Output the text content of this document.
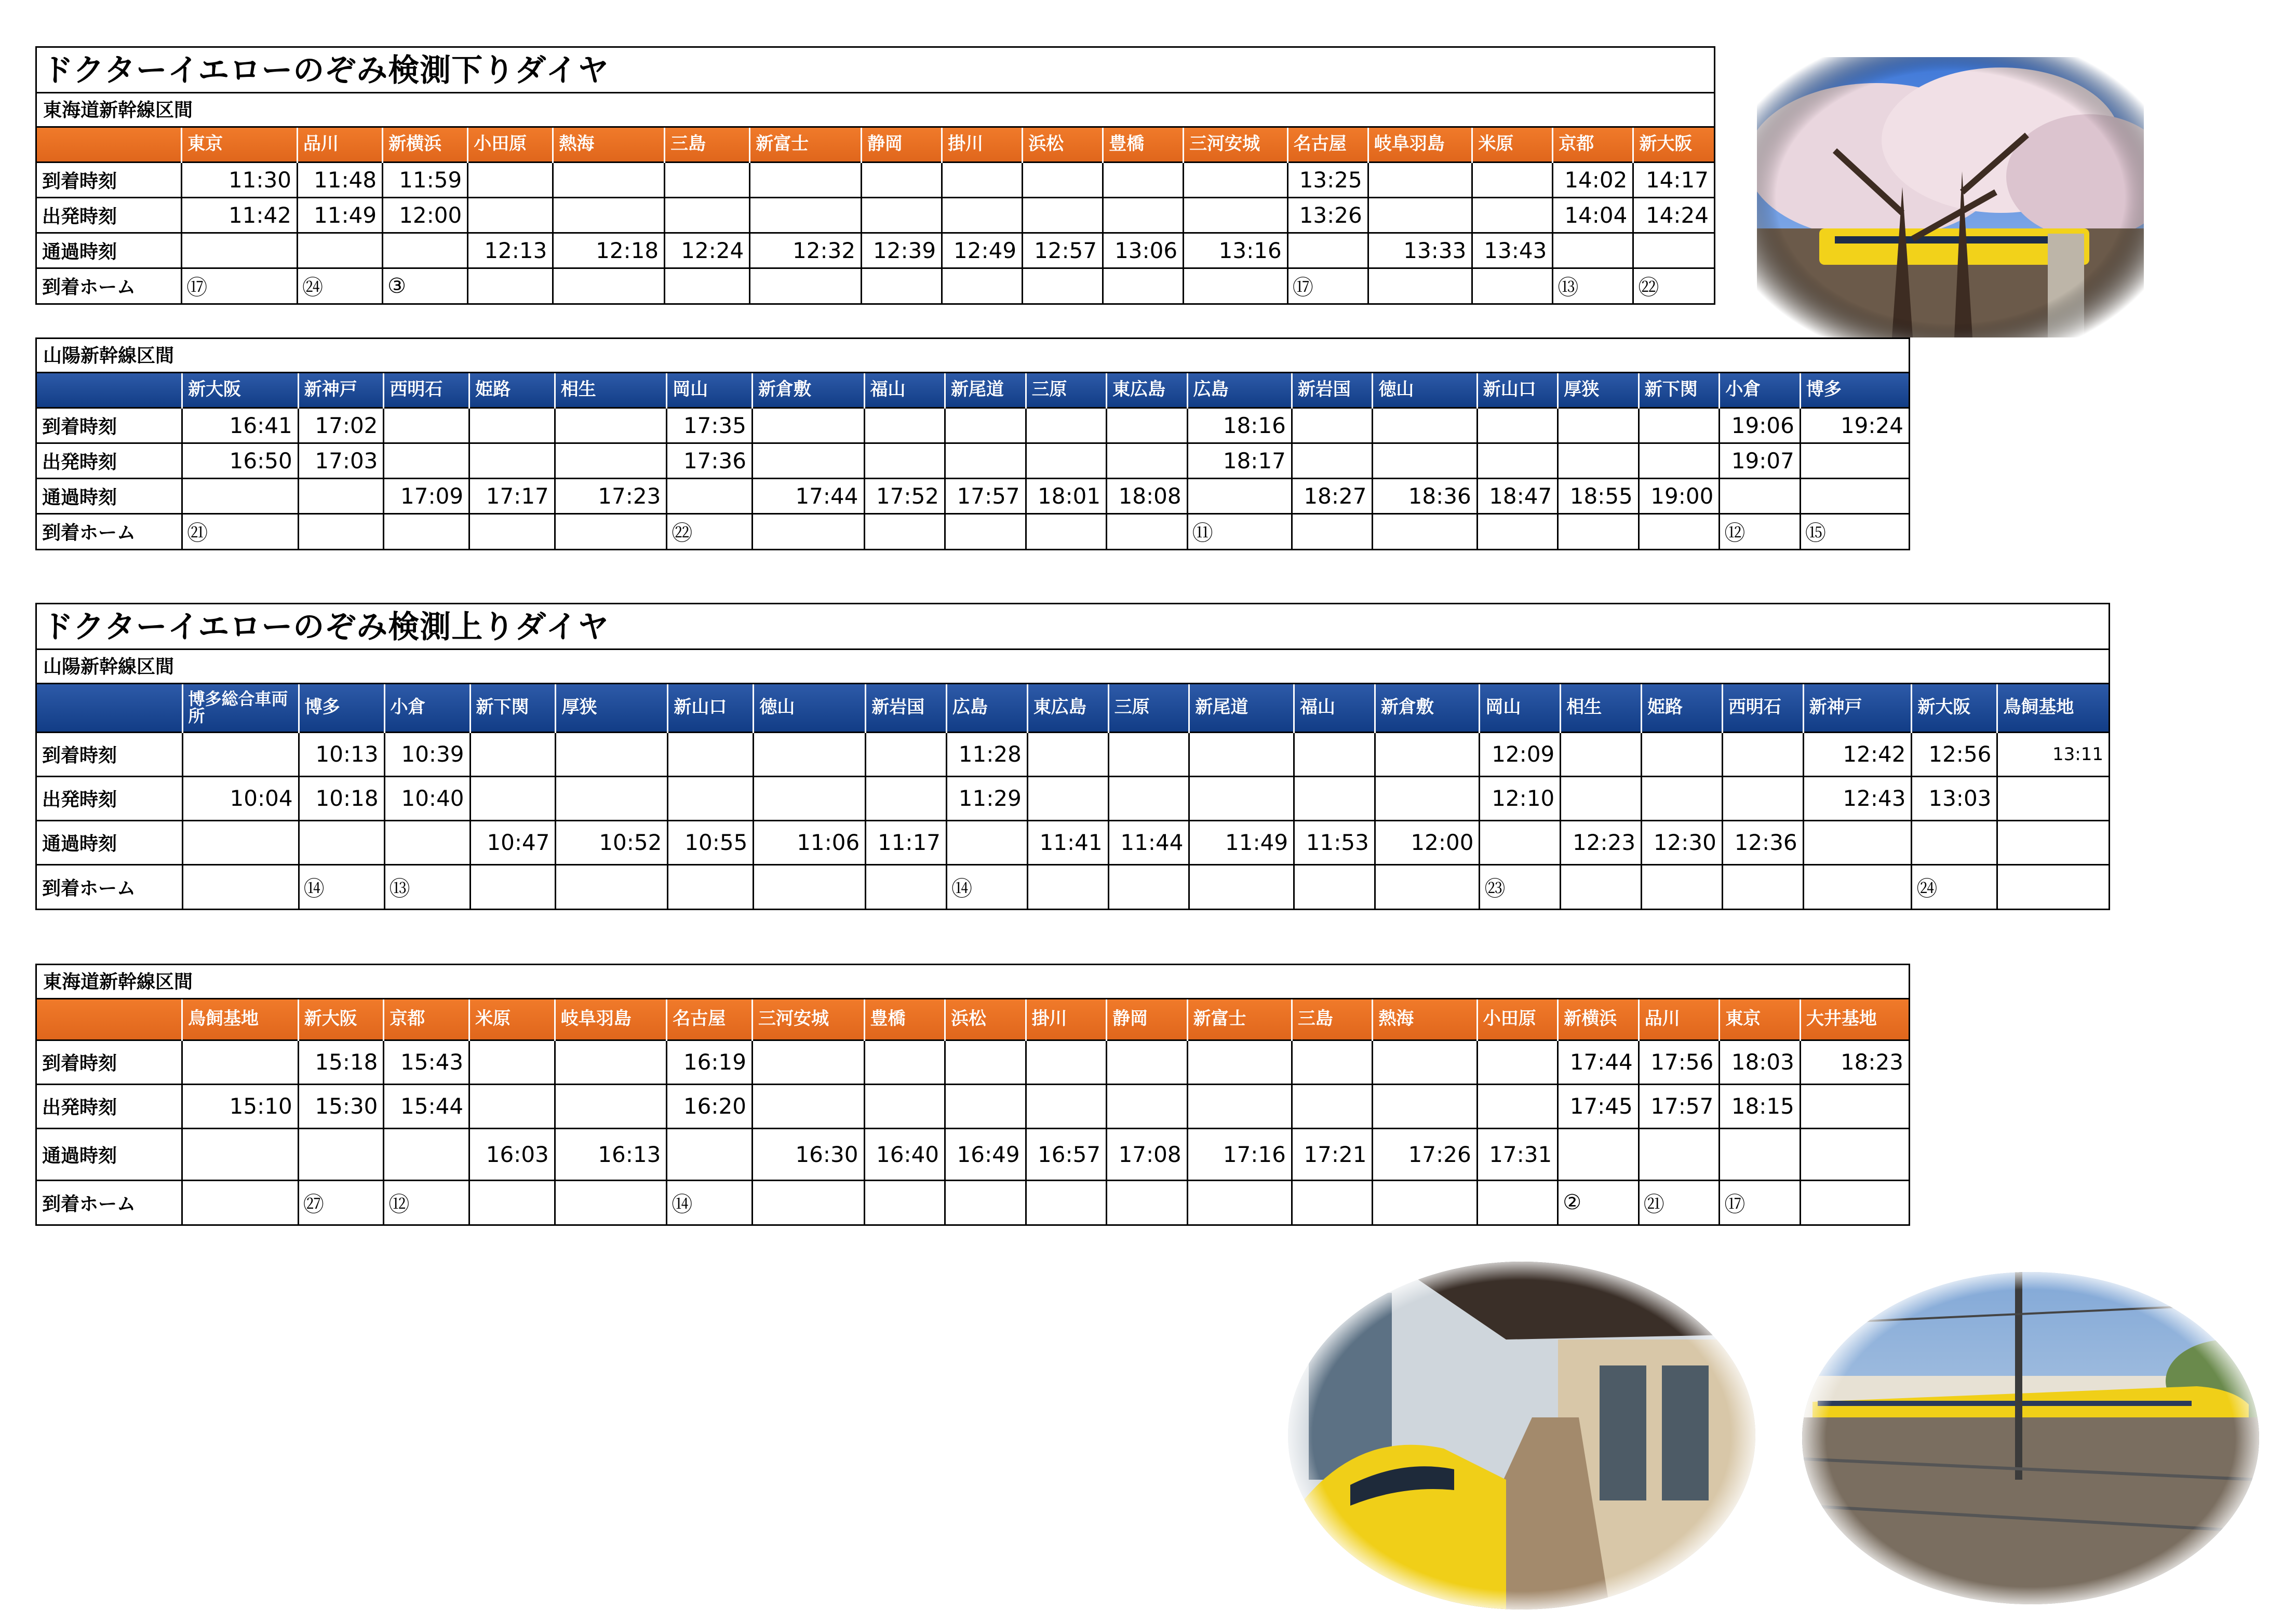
ドクターイエローのぞみ検測下りダイヤ
東海道新幹線区間
	東京	品川	新横浜	小田原	熱海	三島	新富士	静岡	掛川	浜松	豊橋	三河安城	名古屋	岐阜羽島	米原	京都	新大阪
到着時刻	11:30	11:48	11:59										13:25			14:02	14:17
出発時刻	11:42	11:49	12:00										13:26			14:04	14:24
通過時刻				12:13	12:18	12:24	12:32	12:39	12:49	12:57	13:06	13:16		13:33	13:43		
到着ホーム	⑰	㉔	③										⑰			⑬	㉒
山陽新幹線区間
	新大阪	新神戸	西明石	姫路	相生	岡山	新倉敷	福山	新尾道	三原	東広島	広島	新岩国	徳山	新山口	厚狭	新下関	小倉	博多
到着時刻	16:41	17:02				17:35						18:16						19:06	19:24
出発時刻	16:50	17:03				17:36						18:17						19:07	
通過時刻			17:09	17:17	17:23		17:44	17:52	17:57	18:01	18:08		18:27	18:36	18:47	18:55	19:00		
到着ホーム	㉑					㉒						⑪						⑫	⑮
ドクターイエローのぞみ検測上りダイヤ
山陽新幹線区間
	博多総合車両所	博多	小倉	新下関	厚狭	新山口	徳山	新岩国	広島	東広島	三原	新尾道	福山	新倉敷	岡山	相生	姫路	西明石	新神戸	新大阪	鳥飼基地
到着時刻		10:13	10:39						11:28						12:09				12:42	12:56	13:11
出発時刻	10:04	10:18	10:40						11:29						12:10				12:43	13:03	
通過時刻				10:47	10:52	10:55	11:06	11:17		11:41	11:44	11:49	11:53	12:00		12:23	12:30	12:36			
到着ホーム		⑭	⑬						⑭						㉓					㉔	
東海道新幹線区間
	鳥飼基地	新大阪	京都	米原	岐阜羽島	名古屋	三河安城	豊橋	浜松	掛川	静岡	新富士	三島	熱海	小田原	新横浜	品川	東京	大井基地
到着時刻		15:18	15:43			16:19										17:44	17:56	18:03	18:23
出発時刻	15:10	15:30	15:44			16:20										17:45	17:57	18:15	
通過時刻				16:03	16:13		16:30	16:40	16:49	16:57	17:08	17:16	17:21	17:26	17:31				
到着ホーム		㉗	⑫			⑭										②	㉑	⑰	
